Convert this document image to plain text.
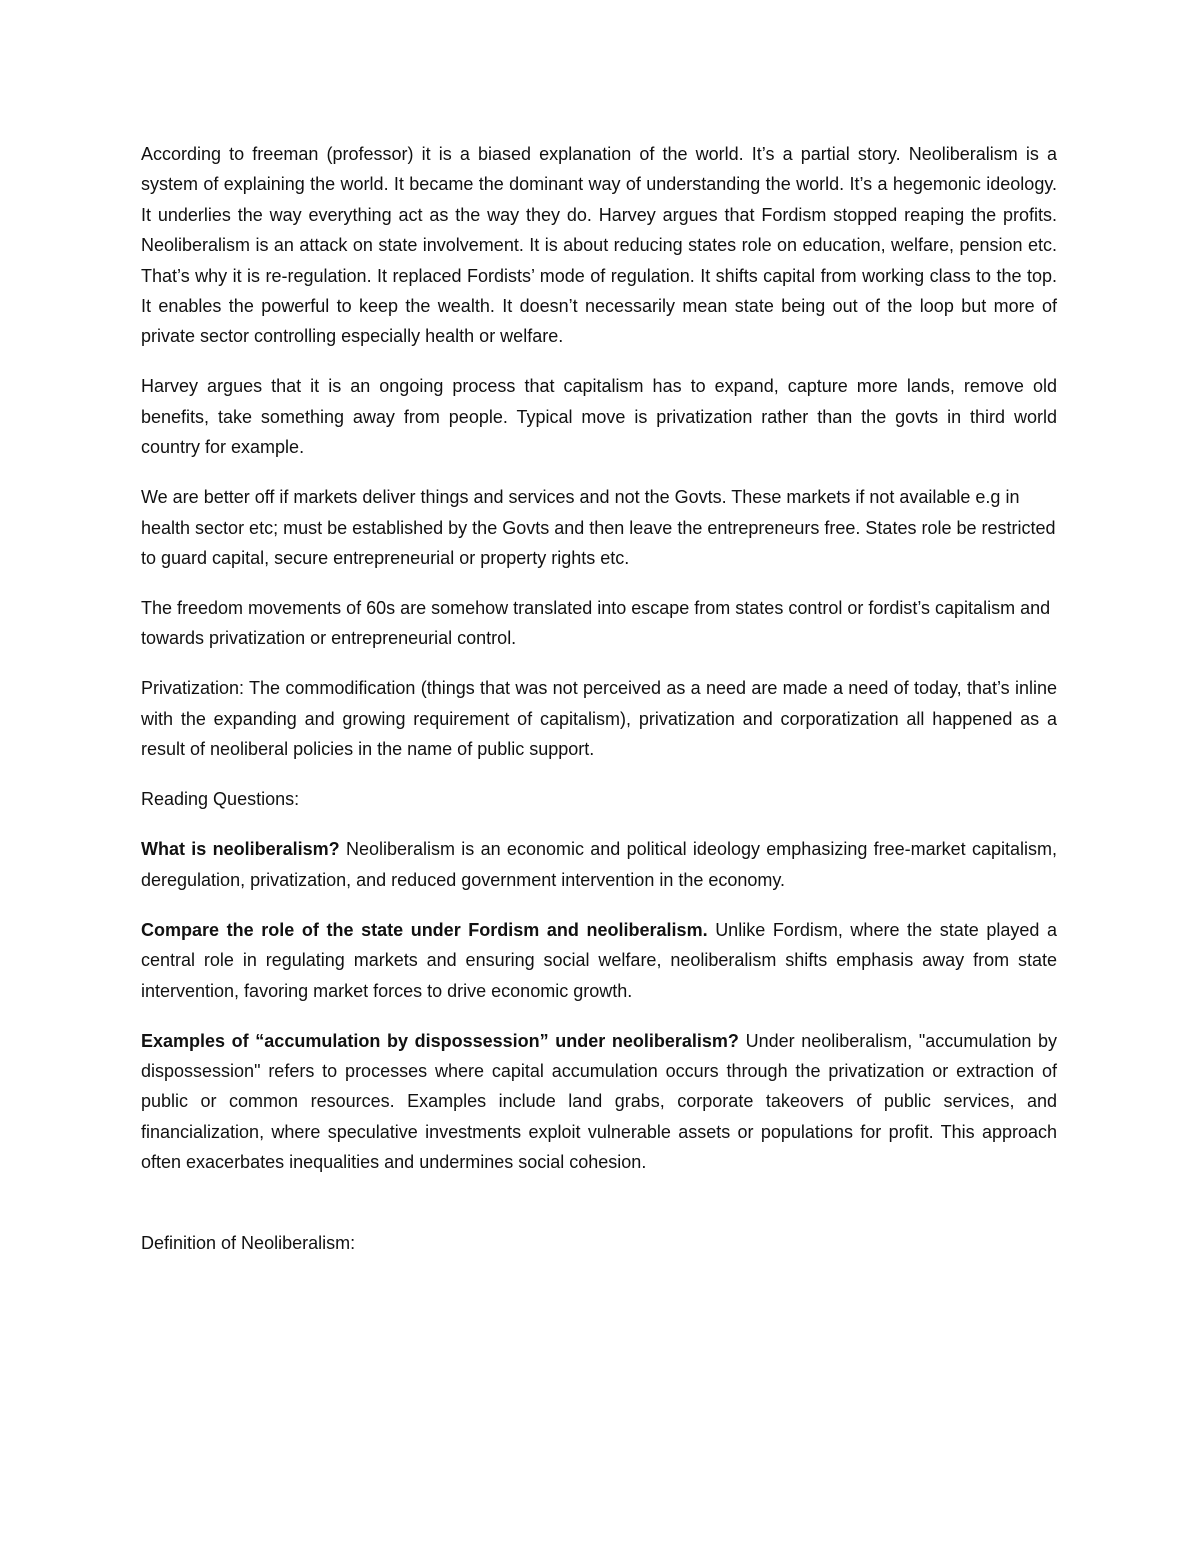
According to freeman (professor) it is a biased explanation of the world. It’s a partial story. Neoliberalism is a system of explaining the world. It became the dominant way of understanding the world. It’s a hegemonic ideology. It underlies the way everything act as the way they do. Harvey argues that Fordism stopped reaping the profits. Neoliberalism is an attack on state involvement. It is about reducing states role on education, welfare, pension etc. That’s why it is re-regulation. It replaced Fordists’ mode of regulation. It shifts capital from working class to the top. It enables the powerful to keep the wealth. It doesn’t necessarily mean state being out of the loop but more of private sector controlling especially health or welfare.

Harvey argues that it is an ongoing process that capitalism has to expand, capture more lands, remove old benefits, take something away from people. Typical move is privatization rather than the govts in third world country for example.

We are better off if markets deliver things and services and not the Govts. These markets if not available e.g in health sector etc; must be established by the Govts and then leave the entrepreneurs free. States role be restricted to guard capital, secure entrepreneurial or property rights etc.

The freedom movements of 60s are somehow translated into escape from states control or fordist’s capitalism and towards privatization or entrepreneurial control.

Privatization: The commodification (things that was not perceived as a need are made a need of today, that’s inline with the expanding and growing requirement of capitalism), privatization and corporatization all happened as a result of neoliberal policies in the name of public support.

Reading Questions:

What is neoliberalism? Neoliberalism is an economic and political ideology emphasizing free-market capitalism, deregulation, privatization, and reduced government intervention in the economy.

Compare the role of the state under Fordism and neoliberalism. Unlike Fordism, where the state played a central role in regulating markets and ensuring social welfare, neoliberalism shifts emphasis away from state intervention, favoring market forces to drive economic growth.

Examples of “accumulation by dispossession” under neoliberalism? Under neoliberalism, "accumulation by dispossession" refers to processes where capital accumulation occurs through the privatization or extraction of public or common resources. Examples include land grabs, corporate takeovers of public services, and financialization, where speculative investments exploit vulnerable assets or populations for profit. This approach often exacerbates inequalities and undermines social cohesion.

Definition of Neoliberalism:
